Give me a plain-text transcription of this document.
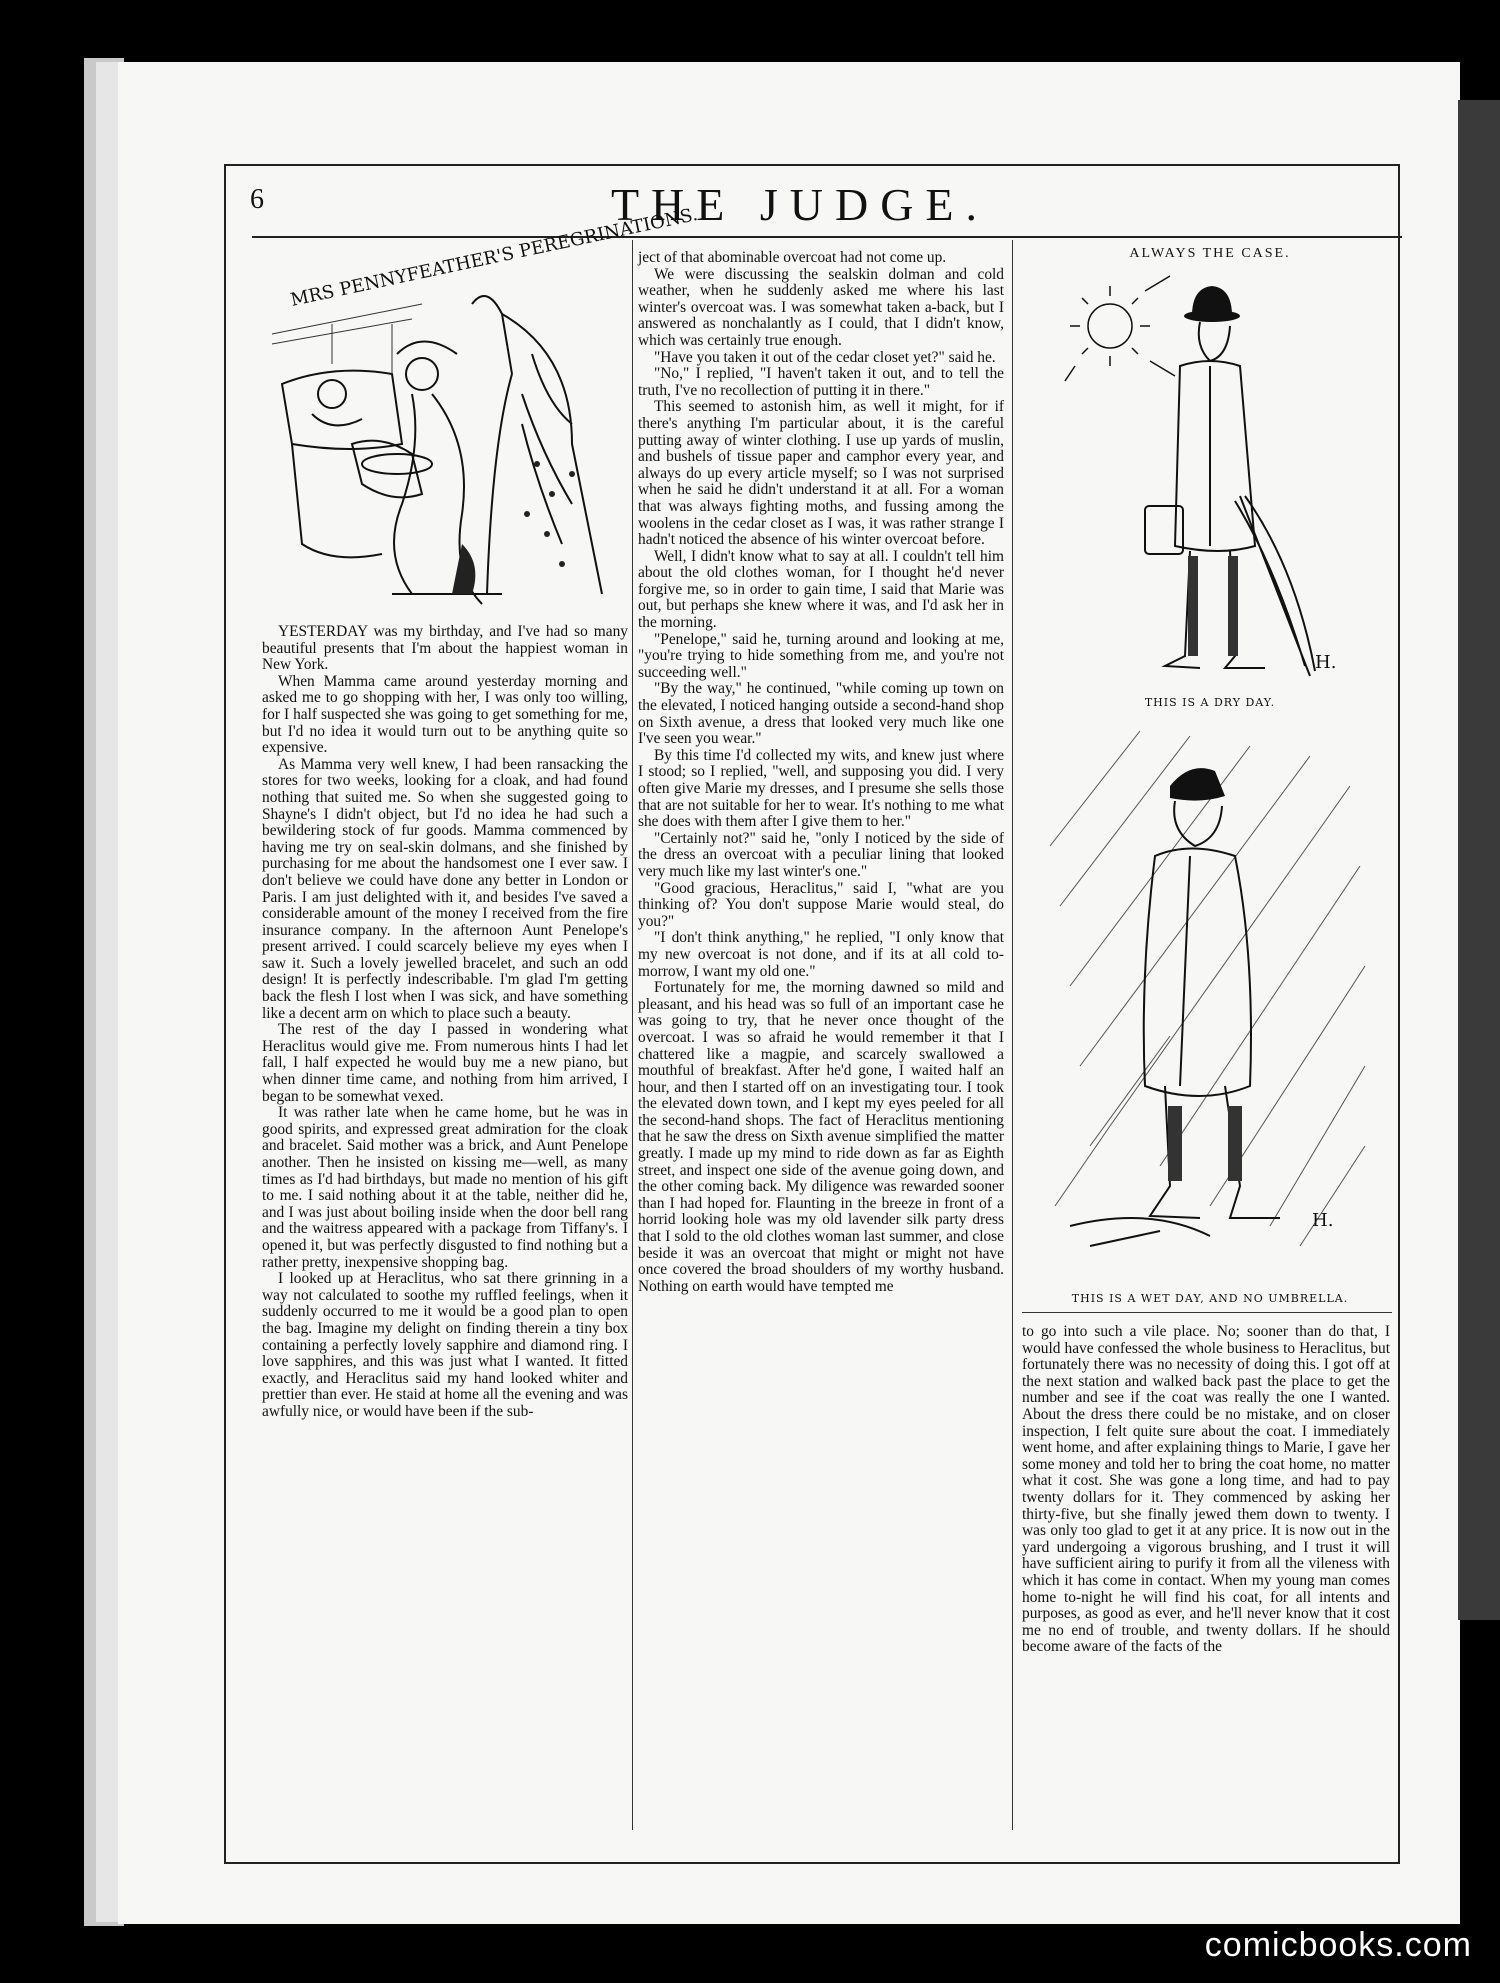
6	THE JUDGE.
MRS PENNYFEATHER'S PEREGRINATIONS.

YESTERDAY was my birthday, and I've had so many beautiful presents that I'm about the happiest woman in New York.

When Mamma came around yesterday morning and asked me to go shopping with her, I was only too willing, for I half suspected she was going to get something for me, but I'd no idea it would turn out to be anything quite so expensive.

As Mamma very well knew, I had been ransacking the stores for two weeks, looking for a cloak, and had found nothing that suited me. So when she suggested going to Shayne's I didn't object, but I'd no idea he had such a bewildering stock of fur goods. Mamma commenced by having me try on seal-skin dolmans, and she finished by purchasing for me about the handsomest one I ever saw. I don't believe we could have done any better in London or Paris. I am just delighted with it, and besides I've saved a considerable amount of the money I received from the fire insurance company. In the afternoon Aunt Penelope's present arrived. I could scarcely believe my eyes when I saw it. Such a lovely jewelled bracelet, and such an odd design! It is perfectly indescribable. I'm glad I'm getting back the flesh I lost when I was sick, and have something like a decent arm on which to place such a beauty.

The rest of the day I passed in wondering what Heraclitus would give me. From numerous hints I had let fall, I half expected he would buy me a new piano, but when dinner time came, and nothing from him arrived, I began to be somewhat vexed.

It was rather late when he came home, but he was in good spirits, and expressed great admiration for the cloak and bracelet. Said mother was a brick, and Aunt Penelope another. Then he insisted on kissing me—well, as many times as I'd had birthdays, but made no mention of his gift to me. I said nothing about it at the table, neither did he, and I was just about boiling inside when the door bell rang and the waitress appeared with a package from Tiffany's. I opened it, but was perfectly disgusted to find nothing but a rather pretty, inexpensive shopping bag.

I looked up at Heraclitus, who sat there grinning in a way not calculated to soothe my ruffled feelings, when it suddenly occurred to me it would be a good plan to open the bag. Imagine my delight on finding therein a tiny box containing a perfectly lovely sapphire and diamond ring. I love sapphires, and this was just what I wanted. It fitted exactly, and Heraclitus said my hand looked whiter and prettier than ever. He staid at home all the evening and was awfully nice, or would have been if the sub-

ject of that abominable overcoat had not come up.

We were discussing the sealskin dolman and cold weather, when he suddenly asked me where his last winter's overcoat was. I was somewhat taken a-back, but I answered as nonchalantly as I could, that I didn't know, which was certainly true enough.

"Have you taken it out of the cedar closet yet?" said he.

"No," I replied, "I haven't taken it out, and to tell the truth, I've no recollection of putting it in there."

This seemed to astonish him, as well it might, for if there's anything I'm particular about, it is the careful putting away of winter clothing. I use up yards of muslin, and bushels of tissue paper and camphor every year, and always do up every article myself; so I was not surprised when he said he didn't understand it at all. For a woman that was always fighting moths, and fussing among the woolens in the cedar closet as I was, it was rather strange I hadn't noticed the absence of his winter overcoat before.

Well, I didn't know what to say at all. I couldn't tell him about the old clothes woman, for I thought he'd never forgive me, so in order to gain time, I said that Marie was out, but perhaps she knew where it was, and I'd ask her in the morning.

"Penelope," said he, turning around and looking at me, "you're trying to hide something from me, and you're not succeeding well."

"By the way," he continued, "while coming up town on the elevated, I noticed hanging outside a second-hand shop on Sixth avenue, a dress that looked very much like one I've seen you wear."

By this time I'd collected my wits, and knew just where I stood; so I replied, "well, and supposing you did. I very often give Marie my dresses, and I presume she sells those that are not suitable for her to wear. It's nothing to me what she does with them after I give them to her."

"Certainly not?" said he, "only I noticed by the side of the dress an overcoat with a peculiar lining that looked very much like my last winter's one."

"Good gracious, Heraclitus," said I, "what are you thinking of? You don't suppose Marie would steal, do you?"

"I don't think anything," he replied, "I only know that my new overcoat is not done, and if its at all cold to-morrow, I want my old one."

Fortunately for me, the morning dawned so mild and pleasant, and his head was so full of an important case he was going to try, that he never once thought of the overcoat. I was so afraid he would remember it that I chattered like a magpie, and scarcely swallowed a mouthful of breakfast. After he'd gone, I waited half an hour, and then I started off on an investigating tour. I took the elevated down town, and I kept my eyes peeled for all the second-hand shops. The fact of Heraclitus mentioning that he saw the dress on Sixth avenue simplified the matter greatly. I made up my mind to ride down as far as Eighth street, and inspect one side of the avenue going down, and the other coming back. My diligence was rewarded sooner than I had hoped for. Flaunting in the breeze in front of a horrid looking hole was my old lavender silk party dress that I sold to the old clothes woman last summer, and close beside it was an overcoat that might or might not have once covered the broad shoulders of my worthy husband. Nothing on earth would have tempted me

ALWAYS THE CASE.
H.
THIS IS A DRY DAY.
H.
THIS IS A WET DAY, AND NO UMBRELLA.

to go into such a vile place. No; sooner than do that, I would have confessed the whole business to Heraclitus, but fortunately there was no necessity of doing this. I got off at the next station and walked back past the place to get the number and see if the coat was really the one I wanted. About the dress there could be no mistake, and on closer inspection, I felt quite sure about the coat. I immediately went home, and after explaining things to Marie, I gave her some money and told her to bring the coat home, no matter what it cost. She was gone a long time, and had to pay twenty dollars for it. They commenced by asking her thirty-five, but she finally jewed them down to twenty. I was only too glad to get it at any price. It is now out in the yard undergoing a vigorous brushing, and I trust it will have sufficient airing to purify it from all the vileness with which it has come in contact. When my young man comes home to-night he will find his coat, for all intents and purposes, as good as ever, and he'll never know that it cost me no end of trouble, and twenty dollars. If he should become aware of the facts of the

comicbooks.com
